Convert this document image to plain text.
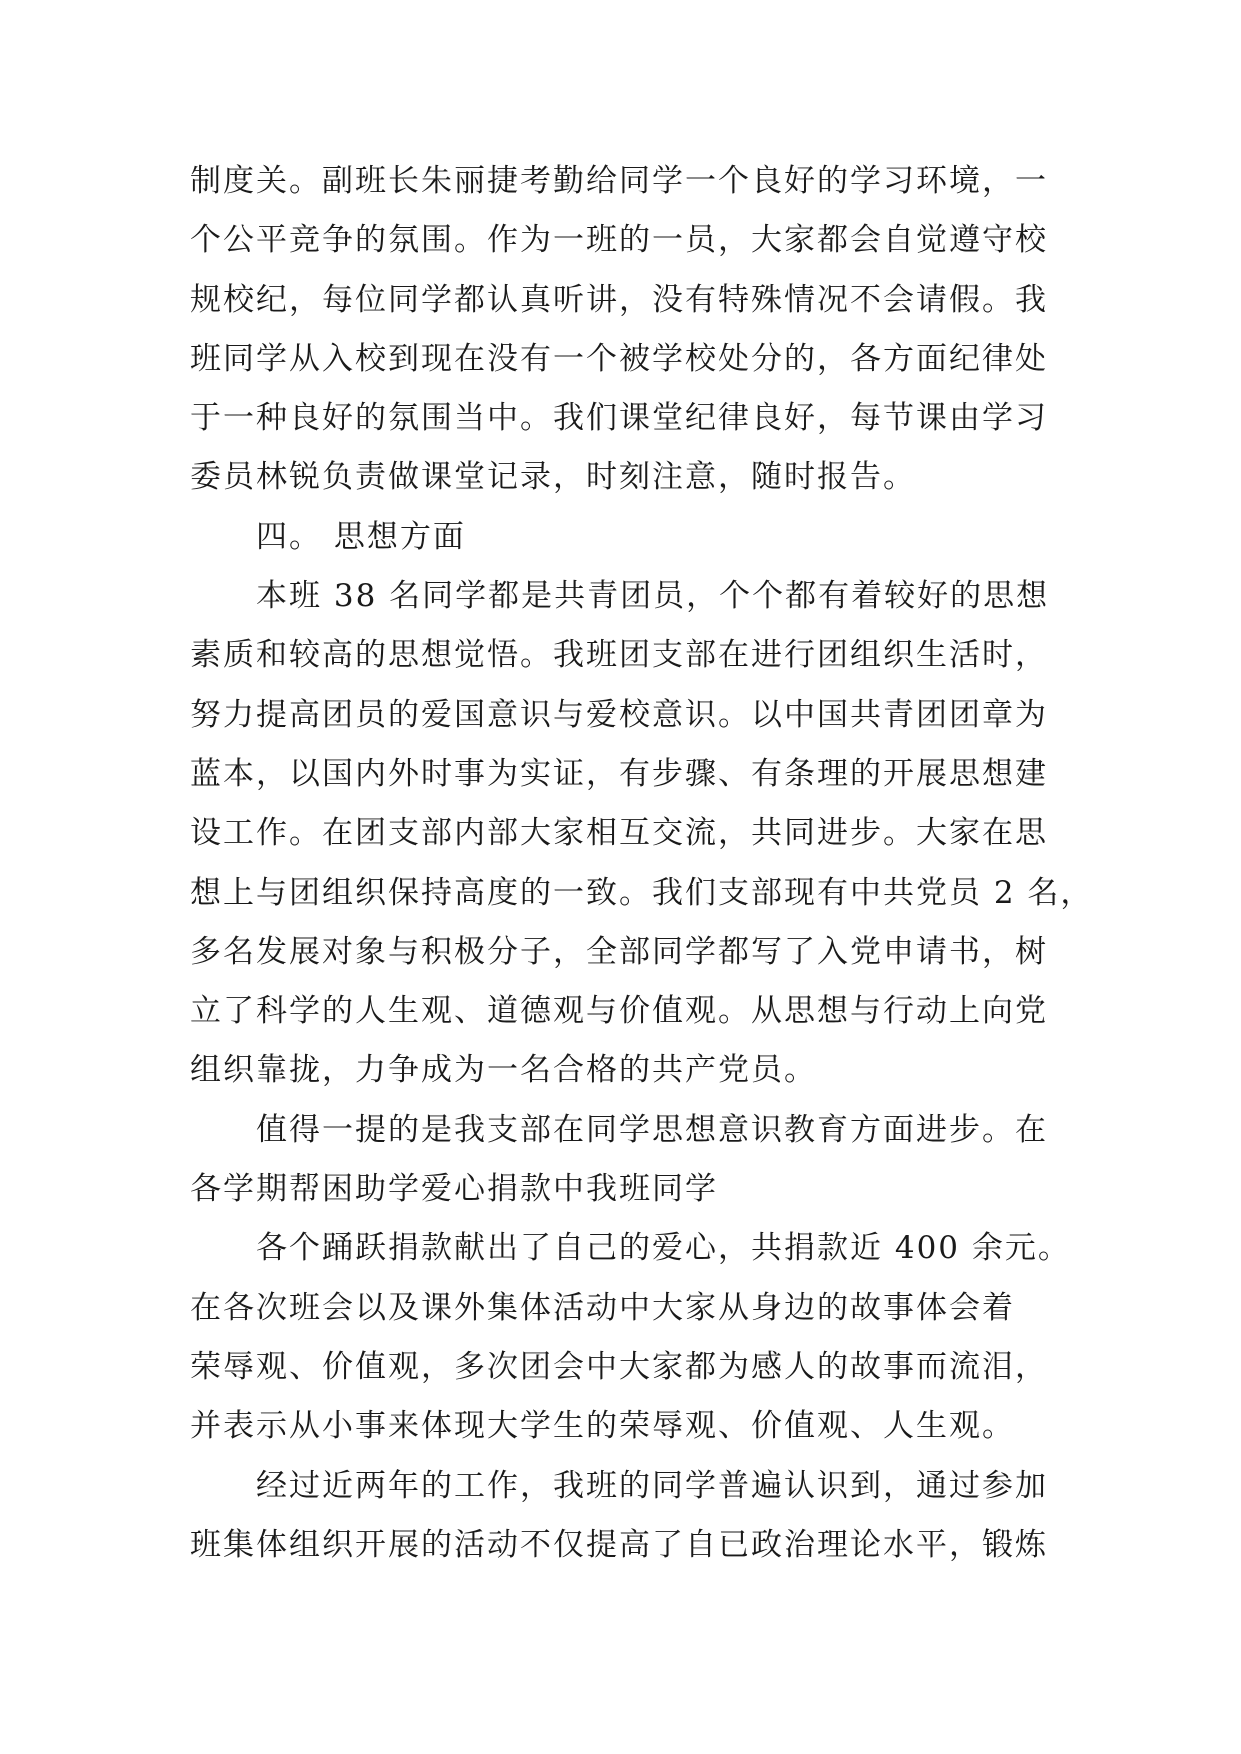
制度关。副班长朱丽捷考勤给同学一个良好的学习环境，一
个公平竞争的氛围。作为一班的一员，大家都会自觉遵守校
规校纪，每位同学都认真听讲，没有特殊情况不会请假。我
班同学从入校到现在没有一个被学校处分的，各方面纪律处
于一种良好的氛围当中。我们课堂纪律良好，每节课由学习
委员林锐负责做课堂记录，时刻注意，随时报告。
四。 思想方面
本班 38 名同学都是共青团员，个个都有着较好的思想
素质和较高的思想觉悟。我班团支部在进行团组织生活时，
努力提高团员的爱国意识与爱校意识。以中国共青团团章为
蓝本，以国内外时事为实证，有步骤、有条理的开展思想建
设工作。在团支部内部大家相互交流，共同进步。大家在思
想上与团组织保持高度的一致。我们支部现有中共党员 2 名，
多名发展对象与积极分子，全部同学都写了入党申请书，树
立了科学的人生观、道德观与价值观。从思想与行动上向党
组织靠拢，力争成为一名合格的共产党员。
值得一提的是我支部在同学思想意识教育方面进步。在
各学期帮困助学爱心捐款中我班同学
各个踊跃捐款献出了自己的爱心，共捐款近 400 余元。
在各次班会以及课外集体活动中大家从身边的故事体会着
荣辱观、价值观，多次团会中大家都为感人的故事而流泪，
并表示从小事来体现大学生的荣辱观、价值观、人生观。
经过近两年的工作，我班的同学普遍认识到，通过参加
班集体组织开展的活动不仅提高了自已政治理论水平，锻炼
